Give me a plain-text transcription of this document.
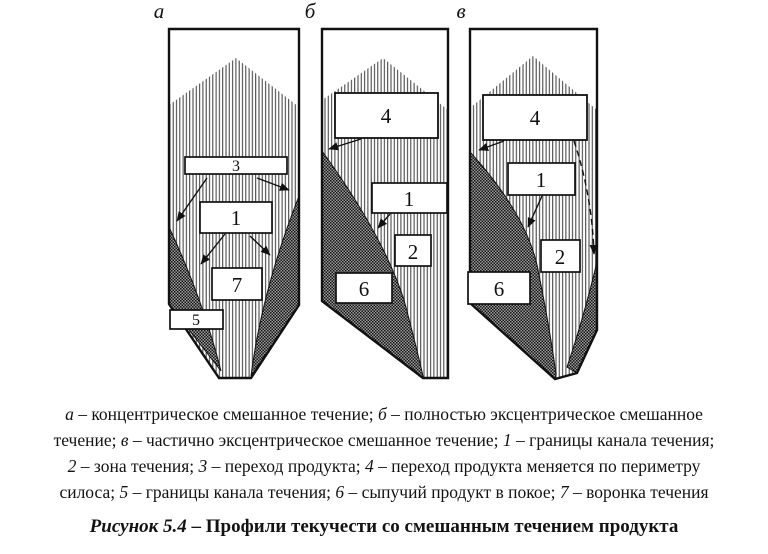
а
3
1
7
5
б
4
1
2
6
в
4
1
2
6
а – концентрическое смешанное течение; б – полностью эксцентрическое смешанное
течение; в – частично эксцентрическое смешанное течение; 1 – границы канала течения;
2 – зона течения; 3 – переход продукта; 4 – переход продукта меняется по периметру
силоса; 5 – границы канала течения; 6 – сыпучий продукт в покое; 7 – воронка течения
Рисунок 5.4 – Профили текучести со смешанным течением продукта
